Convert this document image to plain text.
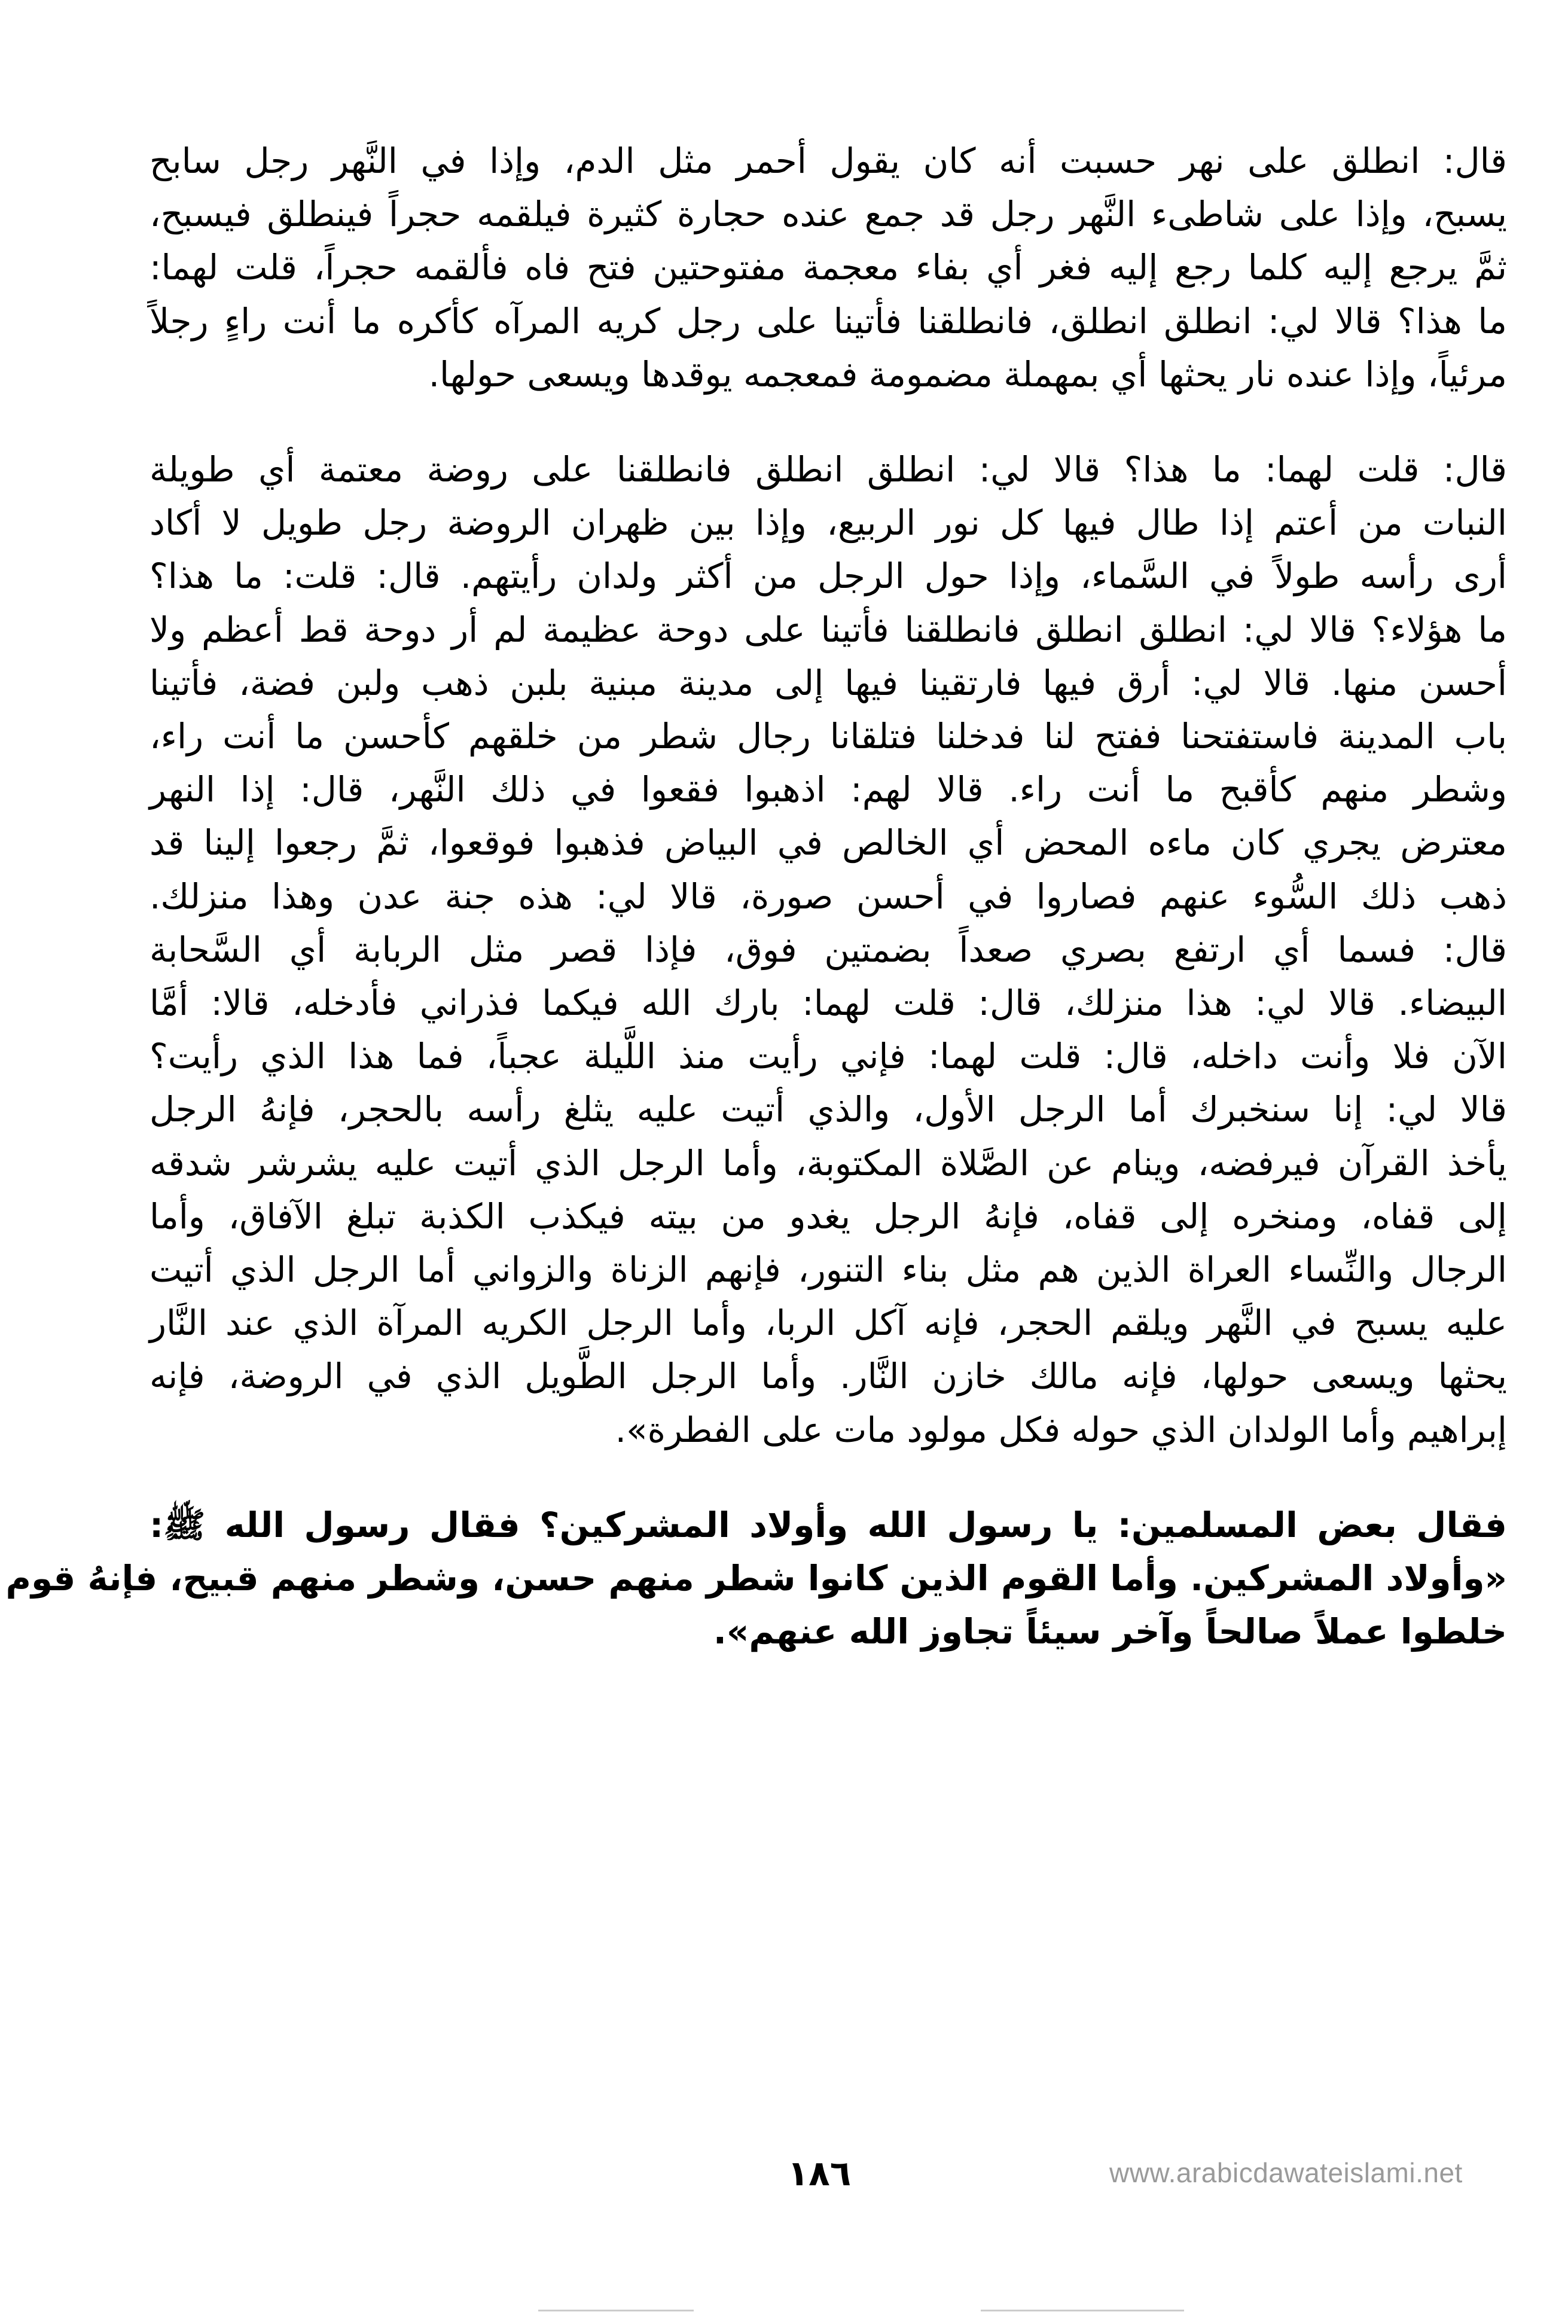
قال: انطلق على نهر حسبت أنه كان يقول أحمر مثل الدم، وإذا في النَّهر رجل سابح
يسبح، وإذا على شاطىء النَّهر رجل قد جمع عنده حجارة كثيرة فيلقمه حجراً فينطلق فيسبح،
ثمَّ يرجع إليه كلما رجع إليه فغر أي بفاء معجمة مفتوحتين فتح فاه فألقمه حجراً، قلت لهما:
ما هذا؟ قالا لي: انطلق انطلق، فانطلقنا فأتينا على رجل كريه المرآه كأكره ما أنت راءٍ رجلاً
مرئياً، وإذا عنده نار يحثها أي بمهملة مضمومة فمعجمه يوقدها ويسعى حولها.
قال: قلت لهما: ما هذا؟ قالا لي: انطلق انطلق فانطلقنا على روضة معتمة أي طويلة
النبات من أعتم إذا طال فيها كل نور الربيع، وإذا بين ظهران الروضة رجل طويل لا أكاد
أرى رأسه طولاً في السَّماء، وإذا حول الرجل من أكثر ولدان رأيتهم. قال: قلت: ما هذا؟
ما هؤلاء؟ قالا لي: انطلق انطلق فانطلقنا فأتينا على دوحة عظيمة لم أر دوحة قط أعظم ولا
أحسن منها. قالا لي: أرق فيها فارتقينا فيها إلى مدينة مبنية بلبن ذهب ولبن فضة، فأتينا
باب المدينة فاستفتحنا ففتح لنا فدخلنا فتلقانا رجال شطر من خلقهم كأحسن ما أنت راء،
وشطر منهم كأقبح ما أنت راء. قالا لهم: اذهبوا فقعوا في ذلك النَّهر، قال: إذا النهر
معترض يجري كان ماءه المحض أي الخالص في البياض فذهبوا فوقعوا، ثمَّ رجعوا إلينا قد
ذهب ذلك السُّوء عنهم فصاروا في أحسن صورة، قالا لي: هذه جنة عدن وهذا منزلك.
قال: فسما أي ارتفع بصري صعداً بضمتين فوق، فإذا قصر مثل الربابة أي السَّحابة
البيضاء. قالا لي: هذا منزلك، قال: قلت لهما: بارك الله فيكما فذراني فأدخله، قالا: أمَّا
الآن فلا وأنت داخله، قال: قلت لهما: فإني رأيت منذ اللَّيلة عجباً، فما هذا الذي رأيت؟
قالا لي: إنا سنخبرك أما الرجل الأول، والذي أتيت عليه يثلغ رأسه بالحجر، فإنهُ الرجل
يأخذ القرآن فيرفضه، وينام عن الصَّلاة المكتوبة، وأما الرجل الذي أتيت عليه يشرشر شدقه
إلى قفاه، ومنخره إلى قفاه، فإنهُ الرجل يغدو من بيته فيكذب الكذبة تبلغ الآفاق، وأما
الرجال والنِّساء العراة الذين هم مثل بناء التنور، فإنهم الزناة والزواني أما الرجل الذي أتيت
عليه يسبح في النَّهر ويلقم الحجر، فإنه آكل الربا، وأما الرجل الكريه المرآة الذي عند النَّار
يحثها ويسعى حولها، فإنه مالك خازن النَّار. وأما الرجل الطَّويل الذي في الروضة، فإنه
إبراهيم وأما الولدان الذي حوله فكل مولود مات على الفطرة».
فقال بعض المسلمين: يا رسول الله وأولاد المشركين؟ فقال رسول الله ﷺ:
«وأولاد المشركين. وأما القوم الذين كانوا شطر منهم حسن، وشطر منهم قبيح، فإنهُ قوم
خلطوا عملاً صالحاً وآخر سيئاً تجاوز الله عنهم».
١٨٦	www.arabicdawateislami.net
